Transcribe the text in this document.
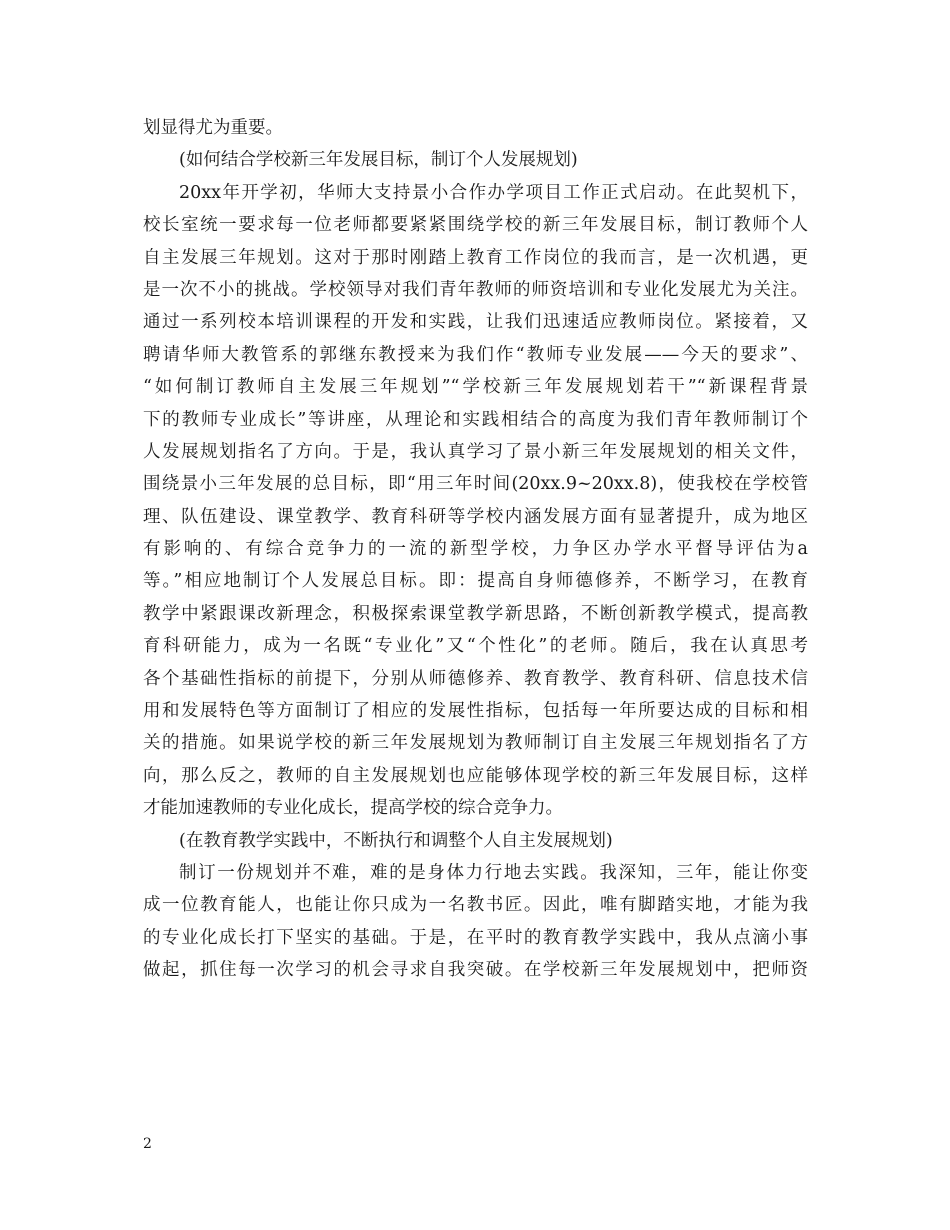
划显得尤为重要。
(如何结合学校新三年发展目标，制订个人发展规划)
20xx年开学初，华师大支持景小合作办学项目工作正式启动。在此契机下，
校长室统一要求每一位老师都要紧紧围绕学校的新三年发展目标，制订教师个人
自主发展三年规划。这对于那时刚踏上教育工作岗位的我而言，是一次机遇，更
是一次不小的挑战。学校领导对我们青年教师的师资培训和专业化发展尤为关注。
通过一系列校本培训课程的开发和实践，让我们迅速适应教师岗位。紧接着，又
聘请华师大教管系的郭继东教授来为我们作“教师专业发展——今天的要求”、
“如何制订教师自主发展三年规划”“学校新三年发展规划若干”“新课程背景
下的教师专业成长”等讲座，从理论和实践相结合的高度为我们青年教师制订个
人发展规划指名了方向。于是，我认真学习了景小新三年发展规划的相关文件，
围绕景小三年发展的总目标，即“用三年时间(20xx.9~20xx.8)，使我校在学校管
理、队伍建设、课堂教学、教育科研等学校内涵发展方面有显著提升，成为地区
有影响的、有综合竞争力的一流的新型学校，力争区办学水平督导评估为a
等。”相应地制订个人发展总目标。即：提高自身师德修养，不断学习，在教育
教学中紧跟课改新理念，积极探索课堂教学新思路，不断创新教学模式，提高教
育科研能力，成为一名既“专业化”又“个性化”的老师。随后，我在认真思考
各个基础性指标的前提下，分别从师德修养、教育教学、教育科研、信息技术信
用和发展特色等方面制订了相应的发展性指标，包括每一年所要达成的目标和相
关的措施。如果说学校的新三年发展规划为教师制订自主发展三年规划指名了方
向，那么反之，教师的自主发展规划也应能够体现学校的新三年发展目标，这样
才能加速教师的专业化成长，提高学校的综合竞争力。
(在教育教学实践中，不断执行和调整个人自主发展规划)
制订一份规划并不难，难的是身体力行地去实践。我深知，三年，能让你变
成一位教育能人，也能让你只成为一名教书匠。因此，唯有脚踏实地，才能为我
的专业化成长打下坚实的基础。于是，在平时的教育教学实践中，我从点滴小事
做起，抓住每一次学习的机会寻求自我突破。在学校新三年发展规划中，把师资
2
